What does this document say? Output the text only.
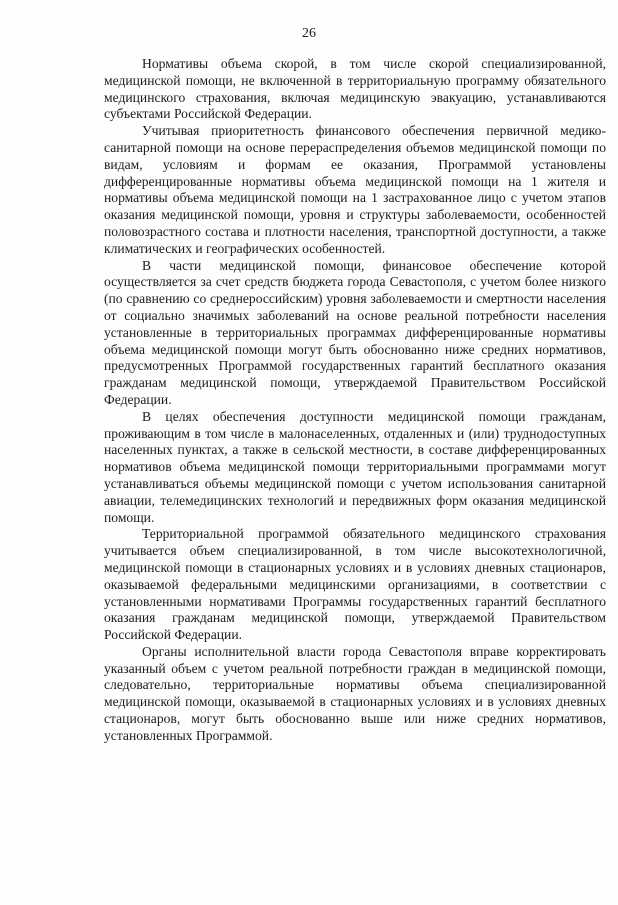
26

Нормативы объема скорой, в том числе скорой специализированной, медицинской помощи, не включенной в территориальную программу обязательного медицинского страхования, включая медицинскую эвакуацию, устанавливаются субъектами Российской Федерации.

Учитывая приоритетность финансового обеспечения первичной медико-санитарной помощи на основе перераспределения объемов медицинской помощи по видам, условиям и формам ее оказания, Программой установлены дифференцированные нормативы объема медицинской помощи на 1 жителя и нормативы объема медицинской помощи на 1 застрахованное лицо с учетом этапов оказания медицинской помощи, уровня и структуры заболеваемости, особенностей половозрастного состава и плотности населения, транспортной доступности, а также климатических и географических особенностей.

В части медицинской помощи, финансовое обеспечение которой осуществляется за счет средств бюджета города Севастополя, с учетом более низкого (по сравнению со среднероссийским) уровня заболеваемости и смертности населения от социально значимых заболеваний на основе реальной потребности населения установленные в территориальных программах дифференцированные нормативы объема медицинской помощи могут быть обоснованно ниже средних нормативов, предусмотренных Программой государственных гарантий бесплатного оказания гражданам медицинской помощи, утверждаемой Правительством Российской Федерации.

В целях обеспечения доступности медицинской помощи гражданам, проживающим в том числе в малонаселенных, отдаленных и (или) труднодоступных населенных пунктах, а также в сельской местности, в составе дифференцированных нормативов объема медицинской помощи территориальными программами могут устанавливаться объемы медицинской помощи с учетом использования санитарной авиации, телемедицинских технологий и передвижных форм оказания медицинской помощи.

Территориальной программой обязательного медицинского страхования учитывается объем специализированной, в том числе высокотехнологичной, медицинской помощи в стационарных условиях и в условиях дневных стационаров, оказываемой федеральными медицинскими организациями, в соответствии с установленными нормативами Программы государственных гарантий бесплатного оказания гражданам медицинской помощи, утверждаемой Правительством Российской Федерации.

Органы исполнительной власти города Севастополя вправе корректировать указанный объем с учетом реальной потребности граждан в медицинской помощи, следовательно, территориальные нормативы объема специализированной медицинской помощи, оказываемой в стационарных условиях и в условиях дневных стационаров, могут быть обоснованно выше или ниже средних нормативов, установленных Программой.
